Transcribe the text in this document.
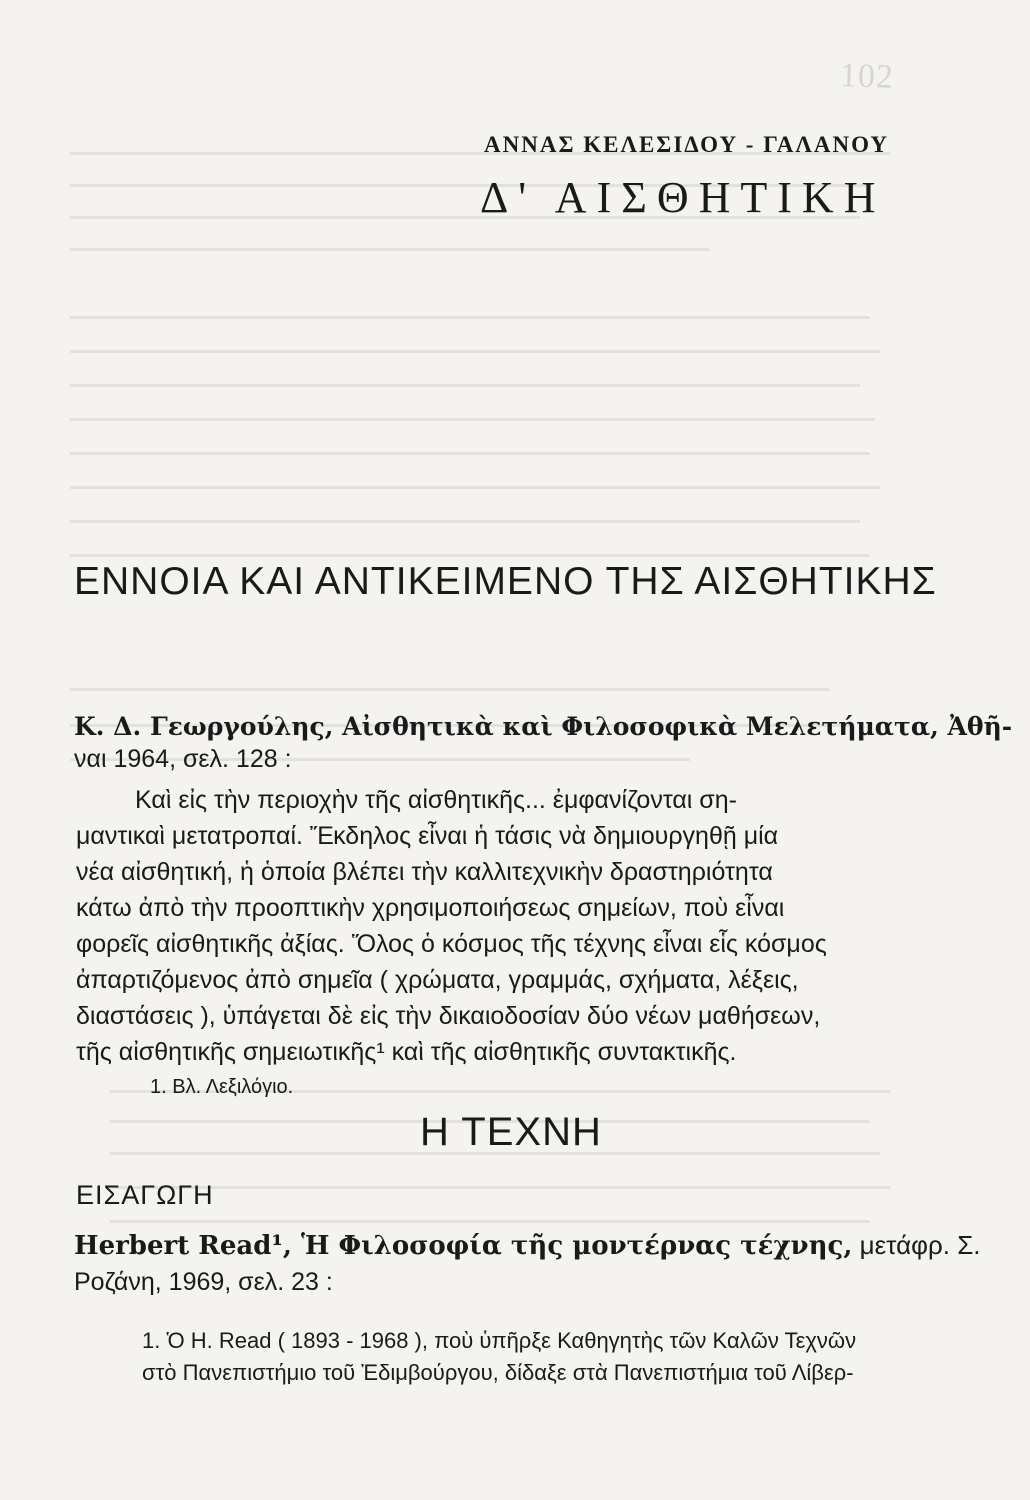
102
ΑΝΝΑΣ ΚΕΛΕΣΙΔΟΥ - ΓΑΛΑΝΟΥ
Δ' ΑΙΣΘΗΤΙΚΗ
ΕΝΝΟΙΑ ΚΑΙ ΑΝΤΙΚΕΙΜΕΝΟ ΤΗΣ ΑΙΣΘΗΤΙΚΗΣ
Κ. Δ. Γεωργούλης, Αἰσθητικὰ καὶ Φιλοσοφικὰ Μελετήματα, Ἀθῆ-
ναι 1964, σελ. 128 :
Καὶ εἰς τὴν περιοχὴν τῆς αἰσθητικῆς... ἐμφανίζονται ση-
μαντικαὶ μετατροπαί. Ἔκδηλος εἶναι ἡ τάσις νὰ δημιουργηθῇ μία
νέα αἰσθητική, ἡ ὁποία βλέπει τὴν καλλιτεχνικὴν δραστηριότητα
κάτω ἀπὸ τὴν προοπτικὴν χρησιμοποιήσεως σημείων, ποὺ εἶναι
φορεῖς αἰσθητικῆς ἀξίας. Ὅλος ὁ κόσμος τῆς τέχνης εἶναι εἷς κόσμος
ἀπαρτιζόμενος ἀπὸ σημεῖα ( χρώματα, γραμμάς, σχήματα, λέξεις,
διαστάσεις ), ὑπάγεται δὲ εἰς τὴν δικαιοδοσίαν δύο νέων μαθήσεων,
τῆς αἰσθητικῆς σημειωτικῆς¹ καὶ τῆς αἰσθητικῆς συντακτικῆς.
1. Βλ. Λεξιλόγιο.
Η ΤΕΧΝΗ
ΕΙΣΑΓΩΓΗ
Herbert Read¹, Ἡ Φιλοσοφία τῆς μοντέρνας τέχνης, μετάφρ. Σ.
Ροζάνη, 1969, σελ. 23 :
1. Ὁ Η. Read ( 1893 - 1968 ), ποὺ ὑπῆρξε Καθηγητὴς τῶν Καλῶν Τεχνῶν
στὸ Πανεπιστήμιο τοῦ Ἐδιμβούργου, δίδαξε στὰ Πανεπιστήμια τοῦ Λίβερ-
